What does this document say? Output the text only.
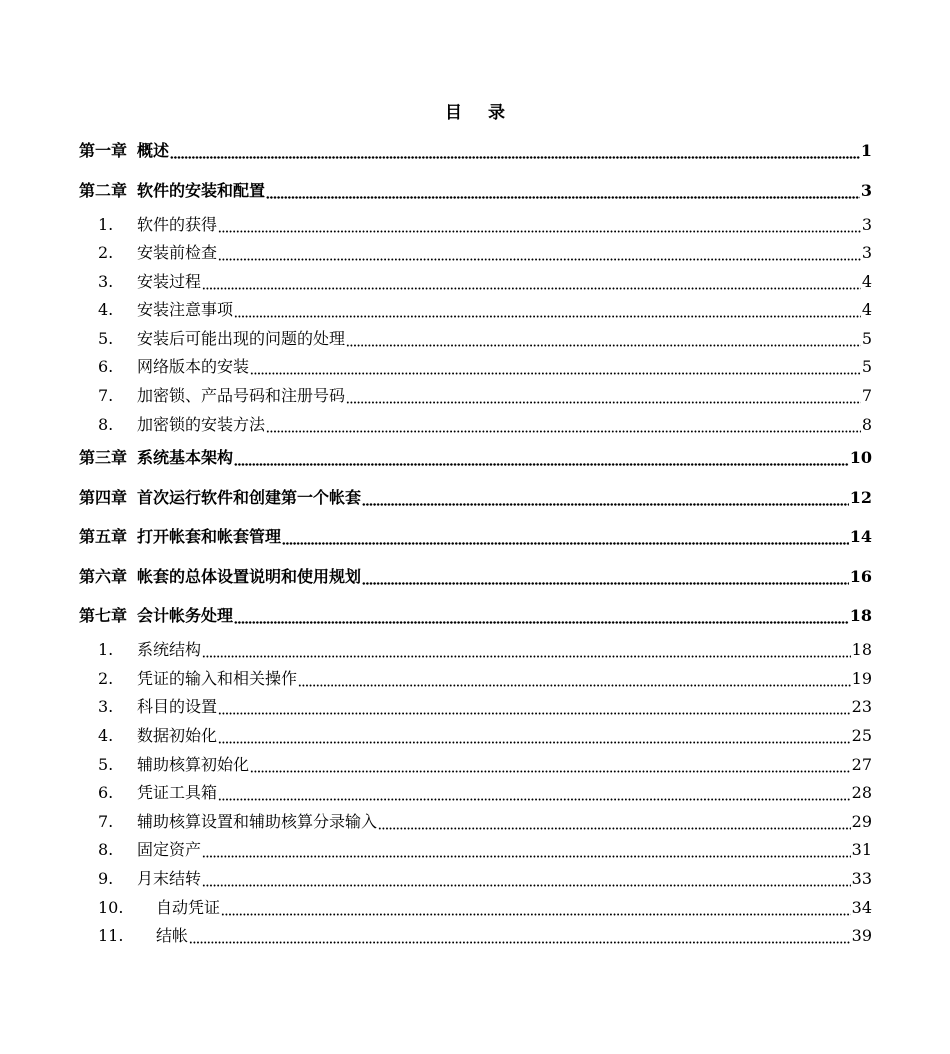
目 录
第一章 概述	1
第二章 软件的安装和配置	3
1.	软件的获得	3
2.	安装前检查	3
3.	安装过程	4
4.	安装注意事项	4
5.	安装后可能出现的问题的处理	5
6.	网络版本的安装	5
7.	加密锁、产品号码和注册号码	7
8.	加密锁的安装方法	8
第三章 系统基本架构	10
第四章 首次运行软件和创建第一个帐套	12
第五章 打开帐套和帐套管理	14
第六章 帐套的总体设置说明和使用规划	16
第七章 会计帐务处理	18
1.	系统结构	18
2.	凭证的输入和相关操作	19
3.	科目的设置	23
4.	数据初始化	25
5.	辅助核算初始化	27
6.	凭证工具箱	28
7.	辅助核算设置和辅助核算分录输入	29
8.	固定资产	31
9.	月末结转	33
10.	自动凭证	34
11.	结帐	39
